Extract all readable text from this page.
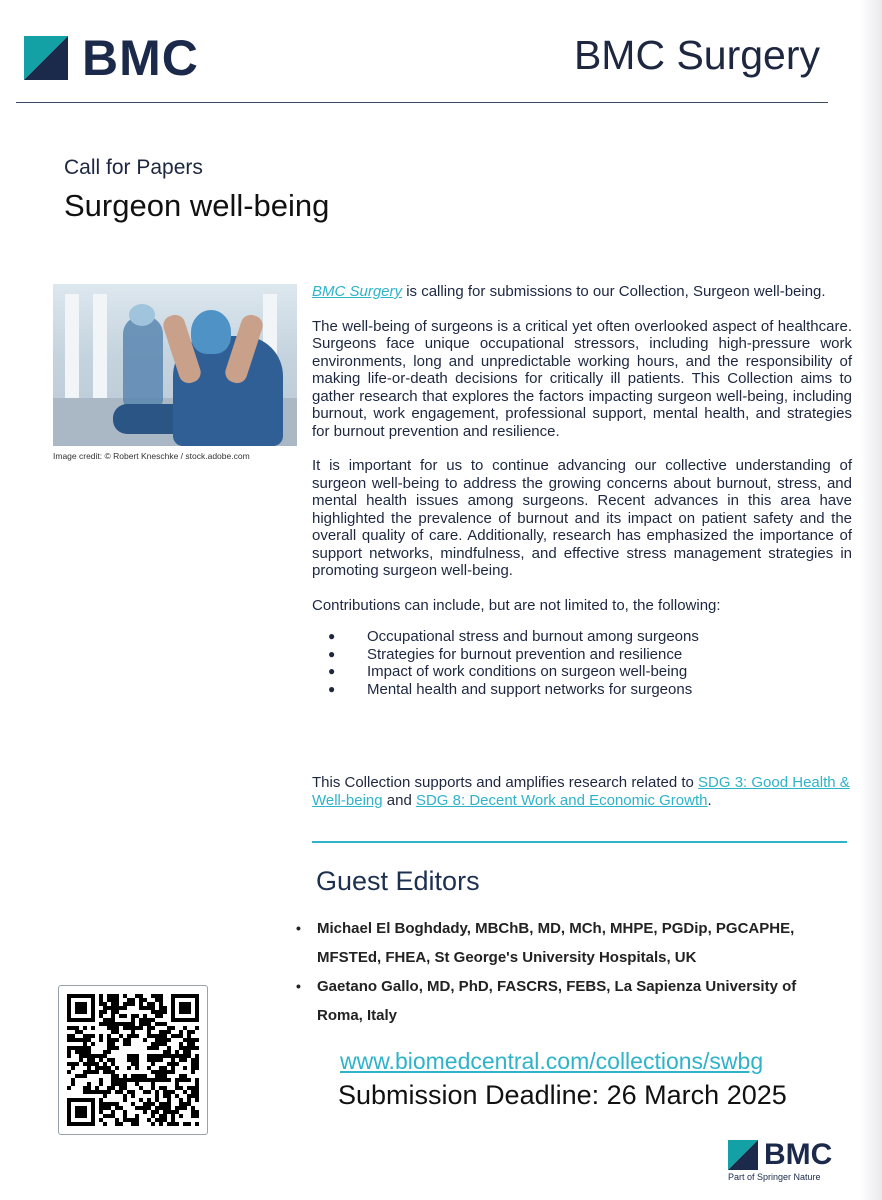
BMC	BMC Surgery
Call for Papers
Surgeon well-being
Image credit: © Robert Kneschke / stock.adobe.com

BMC Surgery is calling for submissions to our Collection, Surgeon well-being.

The well-being of surgeons is a critical yet often overlooked aspect of healthcare. Surgeons face unique occupational stressors, including high-pressure work environments, long and unpredictable working hours, and the responsibility of making life-or-death decisions for critically ill patients. This Collection aims to gather research that explores the factors impacting surgeon well-being, including burnout, work engagement, professional support, mental health, and strategies for burnout prevention and resilience.

It is important for us to continue advancing our collective understanding of surgeon well-being to address the growing concerns about burnout, stress, and mental health issues among surgeons. Recent advances in this area have highlighted the prevalence of burnout and its impact on patient safety and the overall quality of care. Additionally, research has emphasized the importance of support networks, mindfulness, and effective stress management strategies in promoting surgeon well-being.

Contributions can include, but are not limited to, the following:

●	Occupational stress and burnout among surgeons
●	Strategies for burnout prevention and resilience
●	Impact of work conditions on surgeon well-being
●	Mental health and support networks for surgeons
This Collection supports and amplifies research related to SDG 3: Good Health & Well-being and SDG 8: Decent Work and Economic Growth.
Guest Editors
•	Michael El Boghdady, MBChB, MD, MCh, MHPE, PGDip, PGCAPHE, MFSTEd, FHEA, St George's University Hospitals, UK
•	Gaetano Gallo, MD, PhD, FASCRS, FEBS, La Sapienza University of Roma, Italy
www.biomedcentral.com/collections/swbg
Submission Deadline: 26 March 2025
BMC
Part of Springer Nature
